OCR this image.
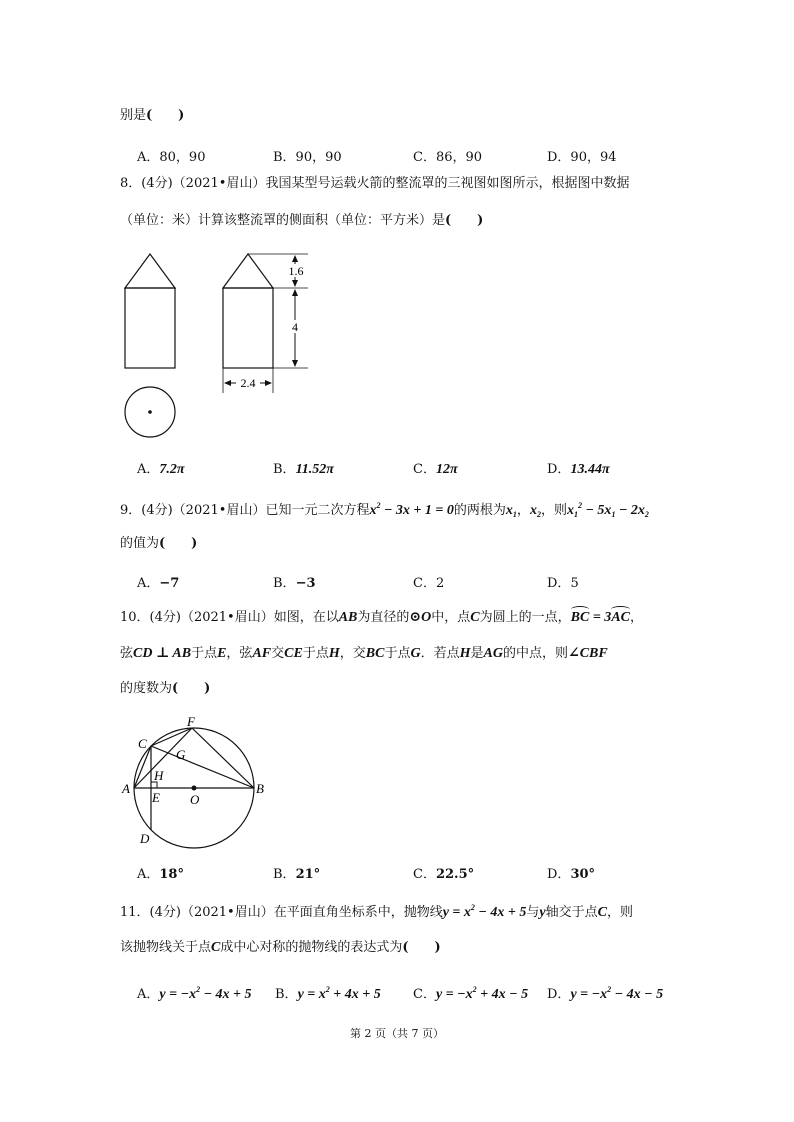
别是(　　)
A．80，90	B．90，90	C．86，90	D．90，94
8．(4分)（2021•眉山）我国某型号运载火箭的整流罩的三视图如图所示，根据图中数据
（单位：米）计算该整流罩的侧面积（单位：平方米）是(　　)
1.6
4
2.4
A．7.2π	B．11.52π	C．12π	D．13.44π
9．(4分)（2021•眉山）已知一元二次方程$x^2 - 3x + 1 = 0$的两根为$x_1$，$x_2$，则$x_1^2 - 5x_1 - 2x_2$
的值为(　　)
A．−7	B．−3	C．2	D．5
10．(4分)（2021•眉山）如图，在以AB为直径的⊙O中，点C为圆上的一点，BC = 3AC，
弦CD ⊥ AB于点E，弦AF交CE于点H，交BC于点G．若点H是AG的中点，则∠CBF
的度数为(　　)
A	B
C
D
E
F
G
H
O
A．18°	B．21°	C．22.5°	D．30°
11．(4分)（2021•眉山）在平面直角坐标系中，抛物线$y = x^2 - 4x + 5$与y轴交于点C，则
该抛物线关于点C成中心对称的抛物线的表达式为(　　)
A．$y = -x^2 - 4x + 5$ B．$y = x^2 + 4x + 5$ C．$y = -x^2 + 4x - 5$ D．$y = -x^2 - 4x - 5$
第 2 页（共 7 页）
